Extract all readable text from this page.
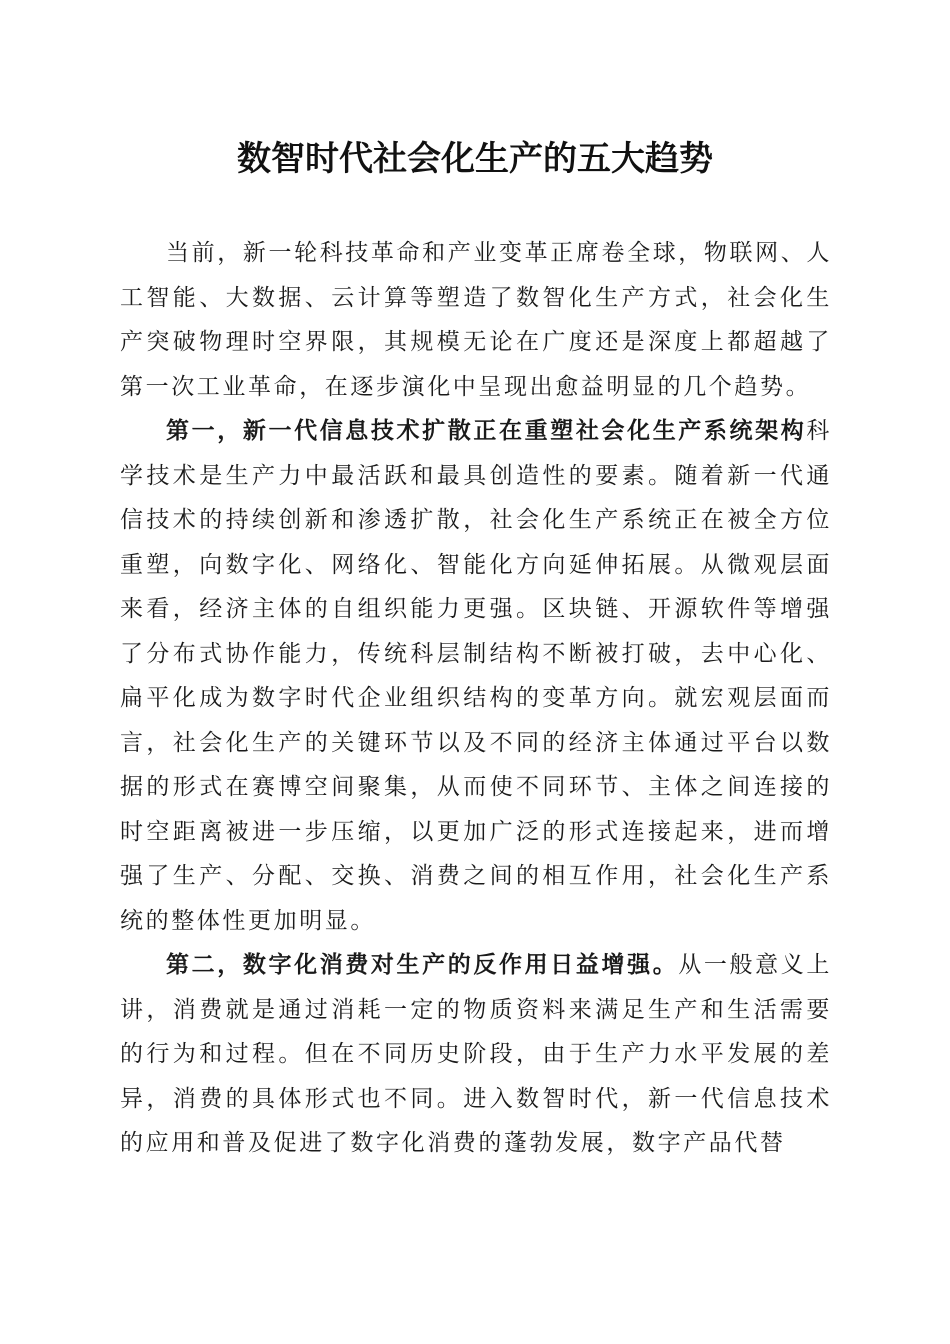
数智时代社会化生产的五大趋势

当前，新一轮科技革命和产业变革正席卷全球，物联网、人工智能、大数据、云计算等塑造了数智化生产方式，社会化生产突破物理时空界限，其规模无论在广度还是深度上都超越了第一次工业革命，在逐步演化中呈现出愈益明显的几个趋势。

第一，新一代信息技术扩散正在重塑社会化生产系统架构科学技术是生产力中最活跃和最具创造性的要素。随着新一代通信技术的持续创新和渗透扩散，社会化生产系统正在被全方位重塑，向数字化、网络化、智能化方向延伸拓展。从微观层面来看，经济主体的自组织能力更强。区块链、开源软件等增强了分布式协作能力，传统科层制结构不断被打破，去中心化、扁平化成为数字时代企业组织结构的变革方向。就宏观层面而言，社会化生产的关键环节以及不同的经济主体通过平台以数据的形式在赛博空间聚集，从而使不同环节、主体之间连接的时空距离被进一步压缩，以更加广泛的形式连接起来，进而增强了生产、分配、交换、消费之间的相互作用，社会化生产系统的整体性更加明显。

第二，数字化消费对生产的反作用日益增强。从一般意义上讲，消费就是通过消耗一定的物质资料来满足生产和生活需要的行为和过程。但在不同历史阶段，由于生产力水平发展的差异，消费的具体形式也不同。进入数智时代，新一代信息技术的应用和普及促进了数字化消费的蓬勃发展，数字产品代替
